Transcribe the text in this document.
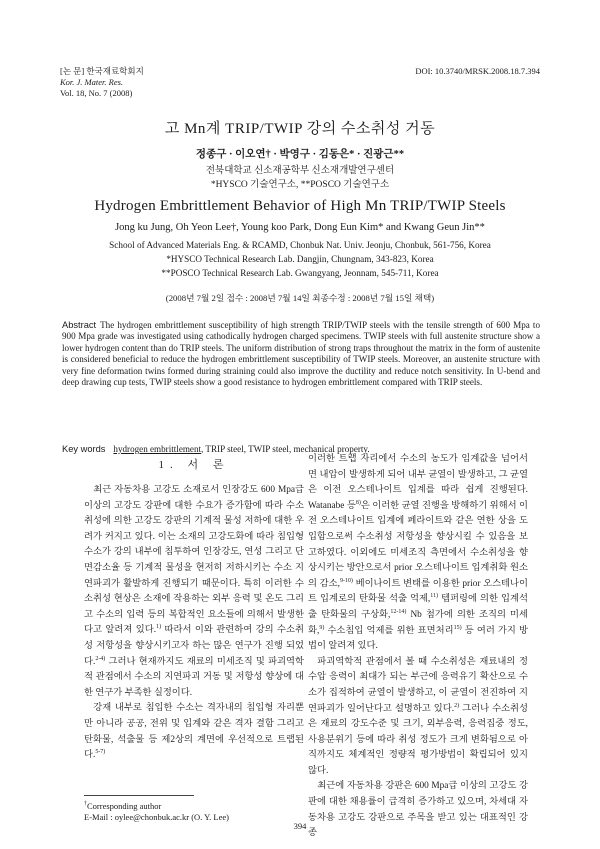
[논 문] 한국재료학회지
Kor. J. Mater. Res.
Vol. 18, No. 7 (2008)
DOI: 10.3740/MRSK.2008.18.7.394
고 Mn계 TRIP/TWIP 강의 수소취성 거동
정종구 · 이오연† · 박영구 · 김동은* · 진광근**
전북대학교 신소재공학부 신소재개발연구센터
*HYSCO 기술연구소, **POSCO 기술연구소
Hydrogen Embrittlement Behavior of High Mn TRIP/TWIP Steels
Jong ku Jung, Oh Yeon Lee†, Young koo Park, Dong Eun Kim* and Kwang Geun Jin**
School of Advanced Materials Eng. & RCAMD, Chonbuk Nat. Univ. Jeonju, Chonbuk, 561-756, Korea
*HYSCO Technical Research Lab. Dangjin, Chungnam, 343-823, Korea
**POSCO Technical Research Lab. Gwangyang, Jeonnam, 545-711, Korea
(2008년 7월 2일 접수 : 2008년 7월 14일 최종수정 : 2008년 7월 15일 채택)
Abstract The hydrogen embrittlement susceptibility of high strength TRIP/TWIP steels with the tensile strength of 600 Mpa to 900 Mpa grade was investigated using cathodically hydrogen charged specimens. TWIP steels with full austenite structure show a lower hydrogen content than do TRIP steels. The uniform distribution of strong traps throughout the matrix in the form of austenite is considered beneficial to reduce the hydrogen embrittlement susceptibility of TWIP steels. Moreover, an austenite structure with very fine deformation twins formed during straining could also improve the ductility and reduce notch sensitivity. In U-bend and deep drawing cup tests, TWIP steels show a good resistance to hydrogen embrittlement compared with TRIP steels.
Key words hydrogen embrittlement, TRIP steel, TWIP steel, mechanical property.
1. 서 론

최근 자동차용 고강도 소재로서 인장강도 600 Mpa급 이상의 고강도 강판에 대한 수요가 증가함에 따라 수소취성에 의한 고강도 강판의 기계적 물성 저하에 대한 우려가 커지고 있다. 이는 소재의 고강도화에 따라 침입형 수소가 강의 내부에 침투하여 인장강도, 연성 그리고 단면감소율 등 기계적 물성을 현저히 저하시키는 수소 지연파괴가 활발하게 진행되기 때문이다. 특히 이러한 수소취성 현상은 소재에 작용하는 외부 응력 및 온도 그리고 수소의 입력 등의 복합적인 요소들에 의해서 발생한다고 알려져 있다.$^{1)}$ 따라서 이와 관련하여 강의 수소취성 저항성을 향상시키고자 하는 많은 연구가 진행 되었다.$^{2-4)}$ 그러나 현재까지도 재료의 미세조직 및 파괴역학적 관점에서 수소의 지연파괴 거동 및 저항성 향상에 대한 연구가 부족한 실정이다.

강재 내부로 침입한 수소는 격자내의 침입형 자리뿐만 아니라 공공, 전위 및 입계와 같은 격자 결함 그리고 탄화물, 석출물 등 제2상의 계면에 우선적으로 트랩된다.$^{5-7)}$

이러한 트랩 자리에서 수소의 농도가 임계값을 넘어서면 내압이 발생하게 되어 내부 균열이 발생하고, 그 균열은 이전 오스테나이트 입계를 따라 쉽게 진행된다. Watanabe 등$^{8)}$은 이러한 균열 진행을 방해하기 위해서 이전 오스테나이트 입계에 페라이트와 같은 연한 상을 도입함으로써 수소취성 저항성을 향상시킬 수 있음을 보고하였다. 이외에도 미세조직 측면에서 수소취성을 향상시키는 방안으로서 prior 오스테나이트 입계취화 원소의 감소,$^{9-10)}$ 베이나이트 변태를 이용한 prior 오스테나이트 입계로의 탄화물 석출 억제,$^{11)}$ 템퍼링에 의한 입계석출 탄화물의 구상화,$^{12-14)}$ Nb 첨가에 의한 조직의 미세화,$^{9)}$ 수소침입 억제를 위한 표면처리$^{15)}$ 등 여러 가지 방법이 알려져 있다.

파괴역학적 관점에서 볼 때 수소취성은 재료내의 정수압 응력이 최대가 되는 부근에 응력유기 확산으로 수소가 집적하여 균열이 발생하고, 이 균열이 전진하여 지연파괴가 일어난다고 설명하고 있다.$^{2)}$ 그러나 수소취성은 재료의 강도수준 및 크기, 외부응력, 응력집중 정도, 사용분위기 등에 따라 취성 정도가 크게 변화됨으로 아직까지도 체계적인 정량적 평가방법이 확립되어 있지 않다.

최근에 자동차용 강판은 600 Mpa급 이상의 고강도 강판에 대한 채용률이 급격히 증가하고 있으며, 차세대 자동차용 고강도 강판으로 주목을 받고 있는 대표적인 강종

†Corresponding author
E-Mail : oylee@chonbuk.ac.kr (O. Y. Lee)
394
